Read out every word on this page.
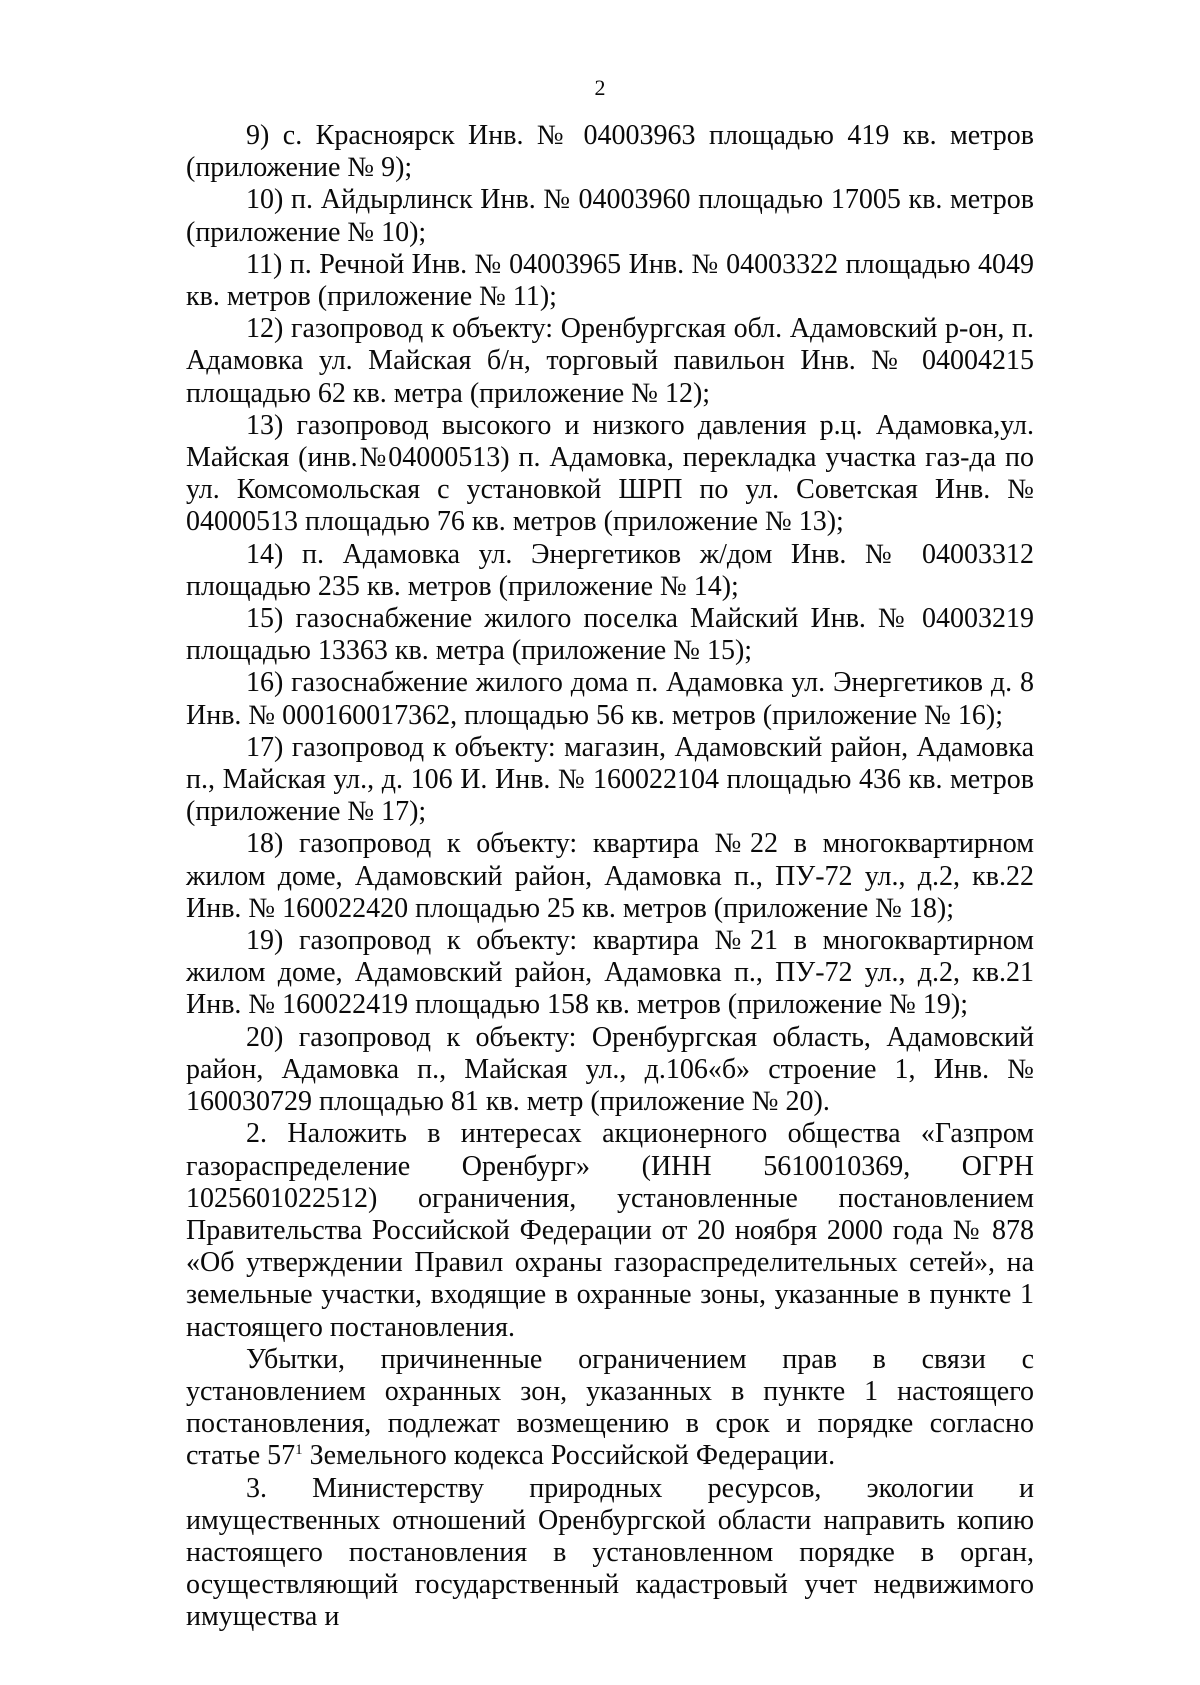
2

9) с. Красноярск Инв. № 04003963 площадью 419 кв. метров (приложение № 9);

10) п. Айдырлинск Инв. № 04003960 площадью 17005 кв. метров (приложение № 10);

11) п. Речной Инв. № 04003965 Инв. № 04003322 площадью 4049 кв. метров (приложение № 11);

12) газопровод к объекту: Оренбургская обл. Адамовский р-он, п. Адамовка ул. Майская б/н, торговый павильон Инв. № 04004215 площадью 62 кв. метра (приложение № 12);

13) газопровод высокого и низкого давления р.ц. Адамовка,ул. Майская (инв.№04000513) п. Адамовка, перекладка участка газ-да по ул. Комсомольская с установкой ШРП по ул. Советская Инв. № 04000513 площадью 76 кв. метров (приложение № 13);

14) п. Адамовка ул. Энергетиков ж/дом Инв. № 04003312 площадью 235 кв. метров (приложение № 14);

15) газоснабжение жилого поселка Майский Инв. № 04003219 площадью 13363 кв. метра (приложение № 15);

16) газоснабжение жилого дома п. Адамовка ул. Энергетиков д. 8 Инв. № 000160017362, площадью 56 кв. метров (приложение № 16);

17) газопровод к объекту: магазин, Адамовский район, Адамовка п., Майская ул., д. 106 И. Инв. № 160022104 площадью 436 кв. метров (приложение № 17);

18) газопровод к объекту: квартира №22 в многоквартирном жилом доме, Адамовский район, Адамовка п., ПУ-72 ул., д.2, кв.22 Инв. № 160022420 площадью 25 кв. метров (приложение № 18);

19) газопровод к объекту: квартира №21 в многоквартирном жилом доме, Адамовский район, Адамовка п., ПУ-72 ул., д.2, кв.21 Инв. № 160022419 площадью 158 кв. метров (приложение № 19);

20) газопровод к объекту: Оренбургская область, Адамовский район, Адамовка п., Майская ул., д.106«б» строение 1, Инв. № 160030729 площадью 81 кв. метр (приложение № 20).

2. Наложить в интересах акционерного общества «Газпром газораспределение Оренбург» (ИНН 5610010369, ОГРН 1025601022512) ограничения, установленные постановлением Правительства Российской Федерации от 20 ноября 2000 года № 878 «Об утверждении Правил охраны газораспределительных сетей», на земельные участки, входящие в охранные зоны, указанные в пункте 1 настоящего постановления.

Убытки, причиненные ограничением прав в связи с установлением охранных зон, указанных в пункте 1 настоящего постановления, подлежат возмещению в срок и порядке согласно статье $57^1$ Земельного кодекса Российской Федерации.

3. Министерству природных ресурсов, экологии и имущественных отношений Оренбургской области направить копию настоящего постановления в установленном порядке в орган, осуществляющий государственный кадастровый учет недвижимого имущества и
